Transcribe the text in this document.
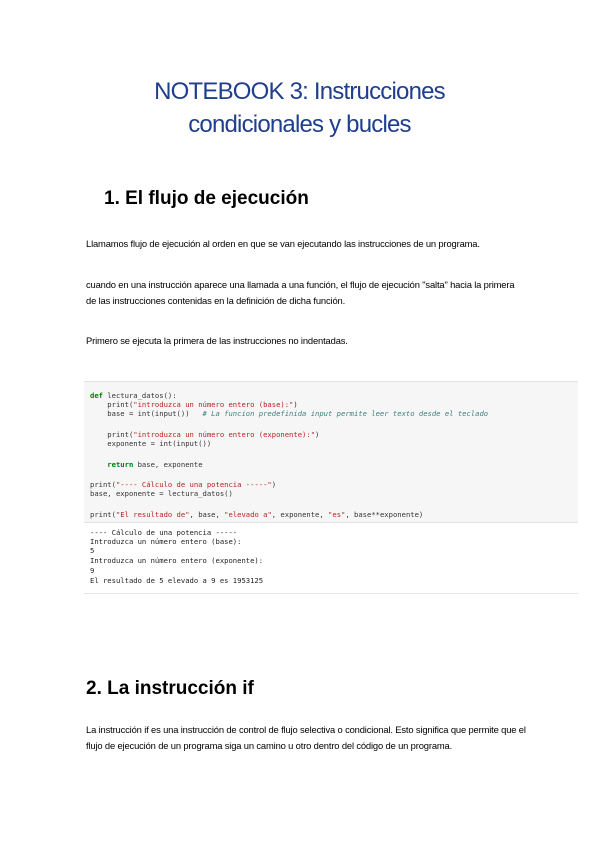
NOTEBOOK 3: Instrucciones
condicionales y bucles
1. El flujo de ejecución

Llamamos flujo de ejecución al orden en que se van ejecutando las instrucciones de un programa.

cuando en una instrucción aparece una llamada a una función, el flujo de ejecución "salta" hacia la primera de las instrucciones contenidas en la definición de dicha función.

Primero se ejecuta la primera de las instrucciones no indentadas.

def lectura_datos():
print("introduzca un número entero (base):")
base = int(input())   # La funcion predefinida input permite leer texto desde el teclado
print("introduzca un número entero (exponente):")
exponente = int(input())
return base, exponente
print("---- Cálculo de una potencia -----")
base, exponente = lectura_datos()
print("El resultado de", base, "elevado a", exponente, "es", base**exponente)
---- Cálculo de una potencia -----
Introduzca un número entero (base):
5
Introduzca un número entero (exponente):
9
El resultado de 5 elevado a 9 es 1953125
2. La instrucción if

La instrucción if es una instrucción de control de flujo selectiva o condicional. Esto significa que permite que el flujo de ejecución de un programa siga un camino u otro dentro del código de un programa.
